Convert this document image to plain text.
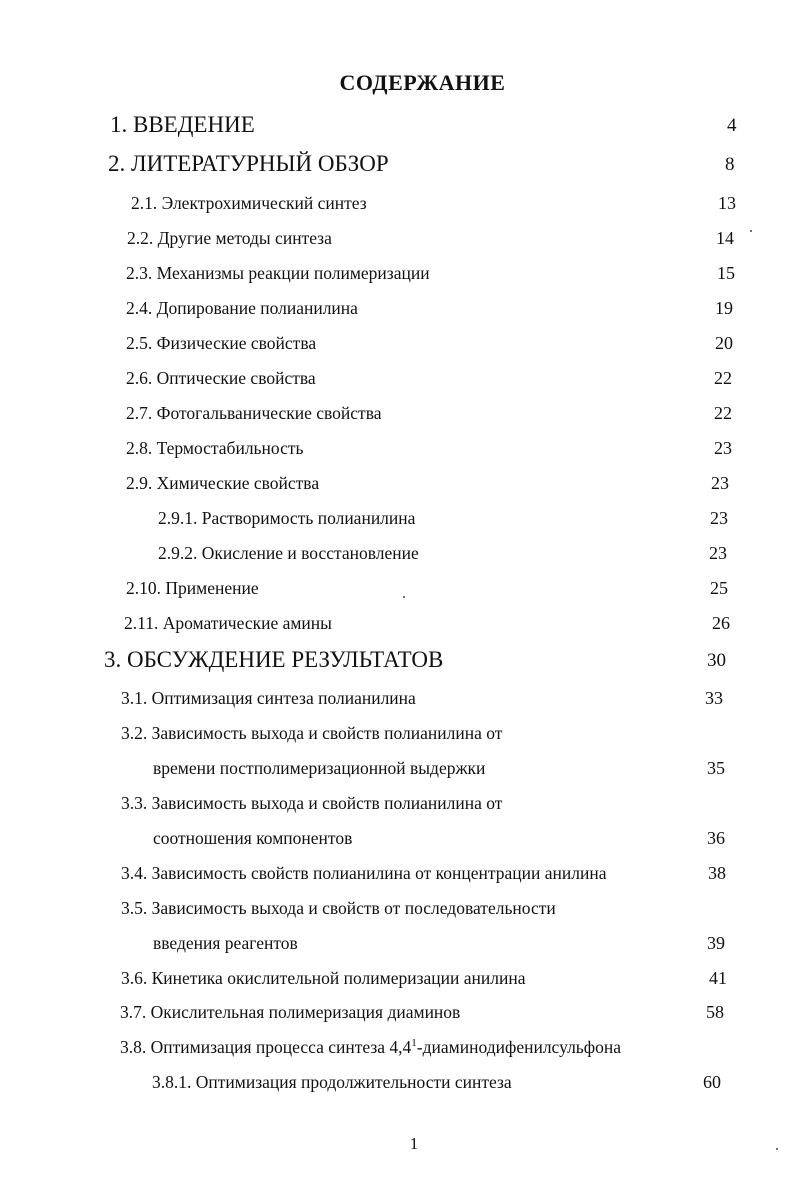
СОДЕРЖАНИЕ
1. ВВЕДЕНИЕ	4
2. ЛИТЕРАТУРНЫЙ ОБЗОР	8
2.1. Электрохимический синтез	13
2.2. Другие методы синтеза	14
2.3. Механизмы реакции полимеризации	15
2.4. Допирование полианилина	19
2.5. Физические свойства	20
2.6. Оптические свойства	22
2.7. Фотогальванические свойства	22
2.8. Термостабильность	23
2.9. Химические свойства	23
2.9.1. Растворимость полианилина	23
2.9.2. Окисление и восстановление	23
2.10. Применение	25
2.11. Ароматические амины	26
3. ОБСУЖДЕНИЕ РЕЗУЛЬТАТОВ	30
3.1. Оптимизация синтеза полианилина	33
3.2. Зависимость выхода и свойств полианилина от
времени постполимеризационной выдержки	35
3.3. Зависимость выхода и свойств полианилина от
соотношения компонентов	36
3.4. Зависимость свойств полианилина от концентрации анилина	38
3.5. Зависимость выхода и свойств от последовательности
введения реагентов	39
3.6. Кинетика окислительной полимеризации анилина	41
3.7. Окислительная полимеризация диаминов	58
3.8. Оптимизация процесса синтеза $4,4^1$-диаминодифенилсульфона
3.8.1. Оптимизация продолжительности синтеза	60
1
